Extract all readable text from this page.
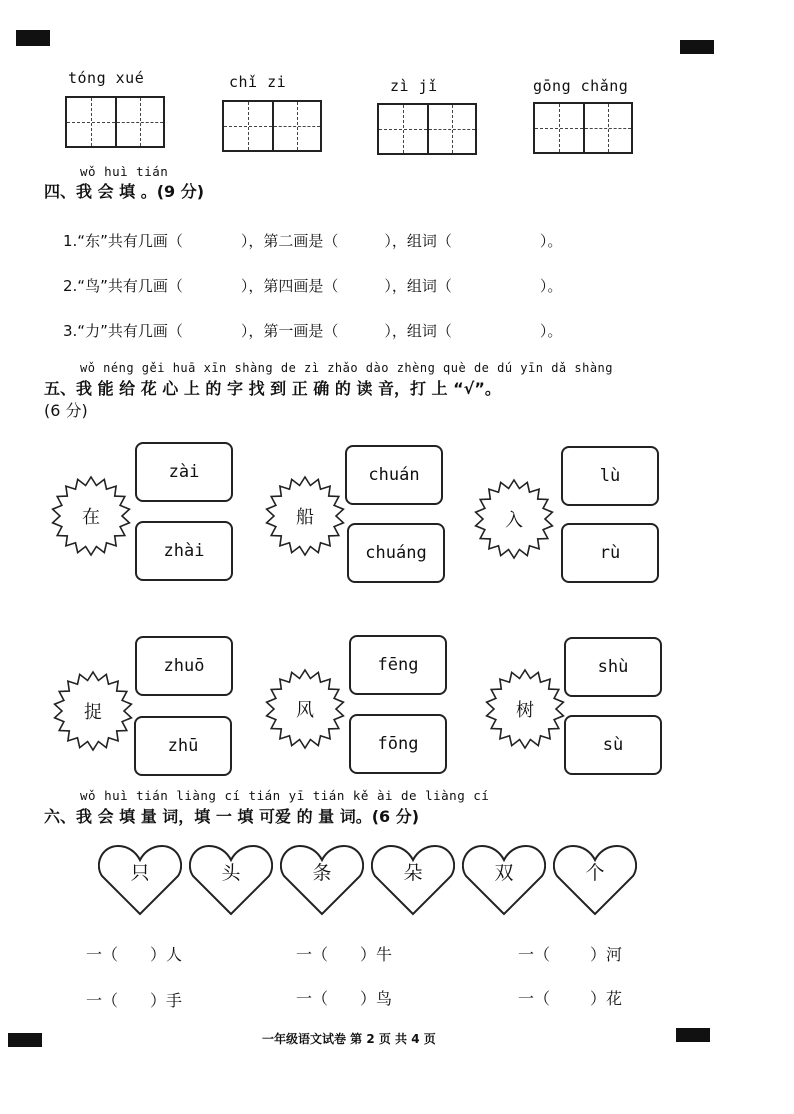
tóng xué	chǐ zi	zì jǐ	gōng chǎng
wǒ huì tián
四、我 会 填 。(9 分)
1.“东”共有几画（	），第二画是（	），组词（	）。
2.“鸟”共有几画（	），第四画是（	），组词（	）。
3.“力”共有几画（	），第一画是（	），组词（	）。
wǒ néng gěi huā xīn shàng de zì zhǎo dào zhèng què de dú yīn dǎ shàng
五、我 能 给 花 心 上 的 字 找 到 正 确 的 读 音，打 上 “√”。
(6 分)
在
zài
zhài
船
chuán
chuáng
入
lù
rù
捉
zhuō
zhū
风
fēng
fōng
树
shù
sù
wǒ huì tián liàng cí tián yī tián kě ài de liàng cí
六、我 会 填 量 词，填 一 填 可爱 的 量 词。(6 分)
只	头	条	朵	双	个
一（ ）人	一（ ）牛	一（	）河
一（ ）手	一（ ）鸟	一（	）花
一年级语文试卷 第 2 页 共 4 页
